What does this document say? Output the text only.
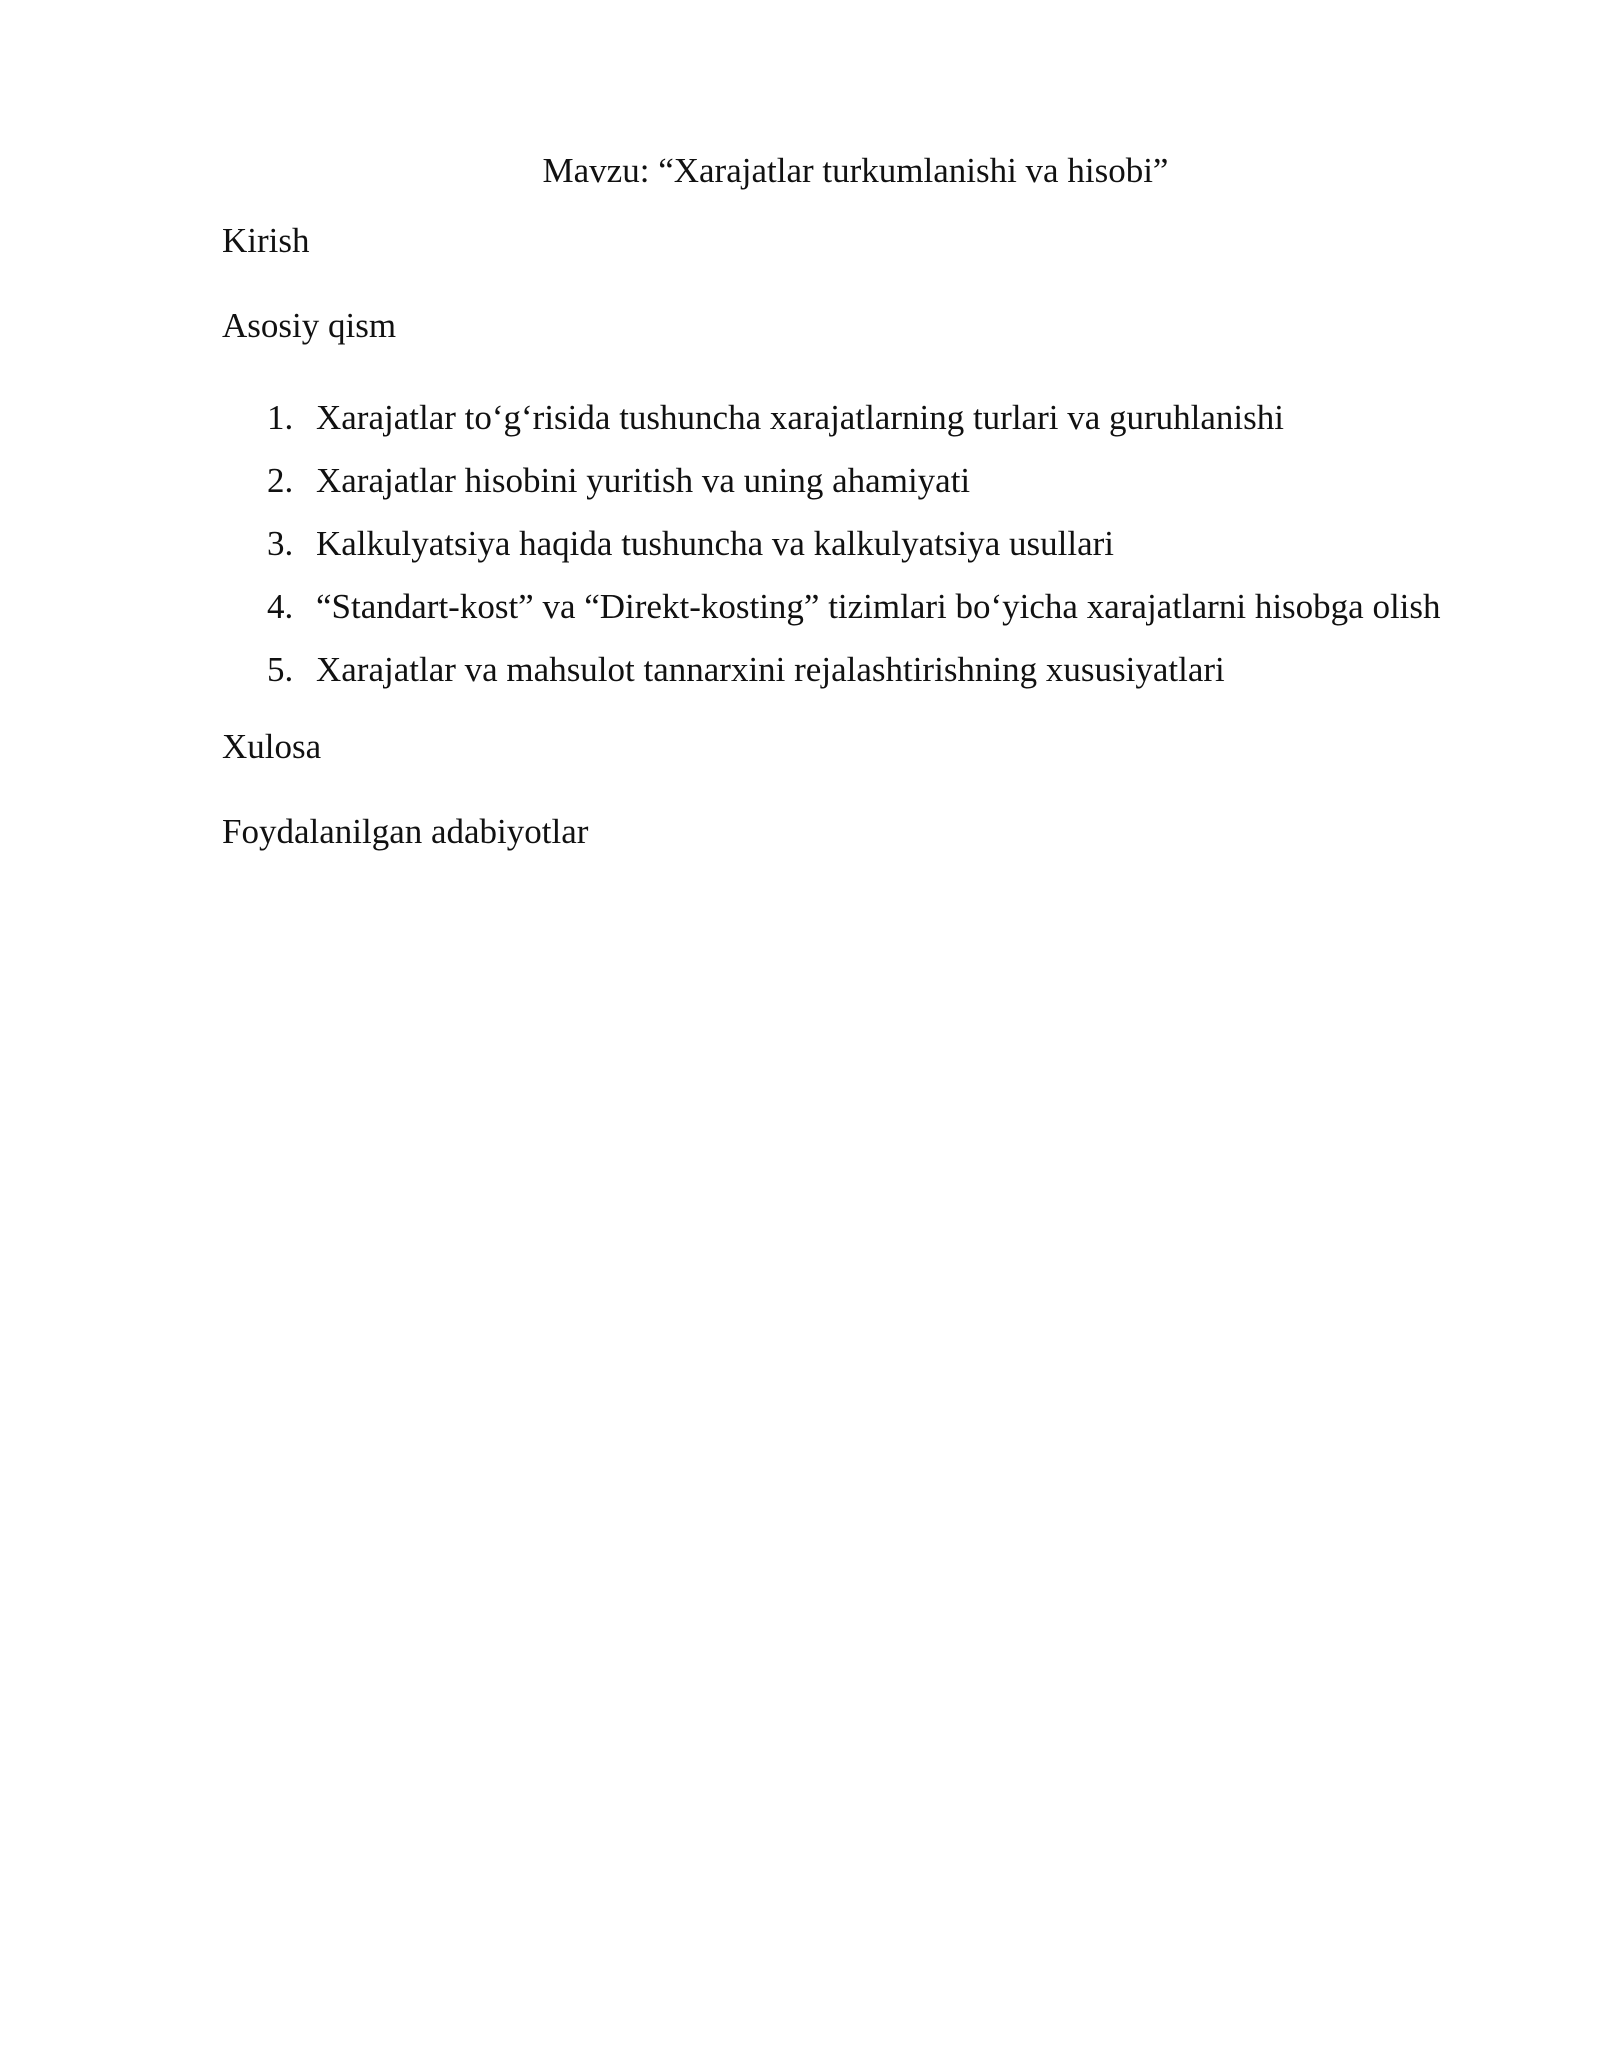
Mavzu: “Xarajatlar turkumlanishi va hisobi”

Kirish

Asosiy qism

1. Xarajatlar to‘g‘risida tushuncha xarajatlarning turlari va guruhlanishi
2. Xarajatlar hisobini yuritish va uning ahamiyati
3. Kalkulyatsiya haqida tushuncha va kalkulyatsiya usullari
4. “Standart-kost” va “Direkt-kosting” tizimlari bo‘yicha xarajatlarni hisobga olish
5. Xarajatlar va mahsulot tannarxini rejalashtirishning xususiyatlari

Xulosa

Foydalanilgan adabiyotlar
